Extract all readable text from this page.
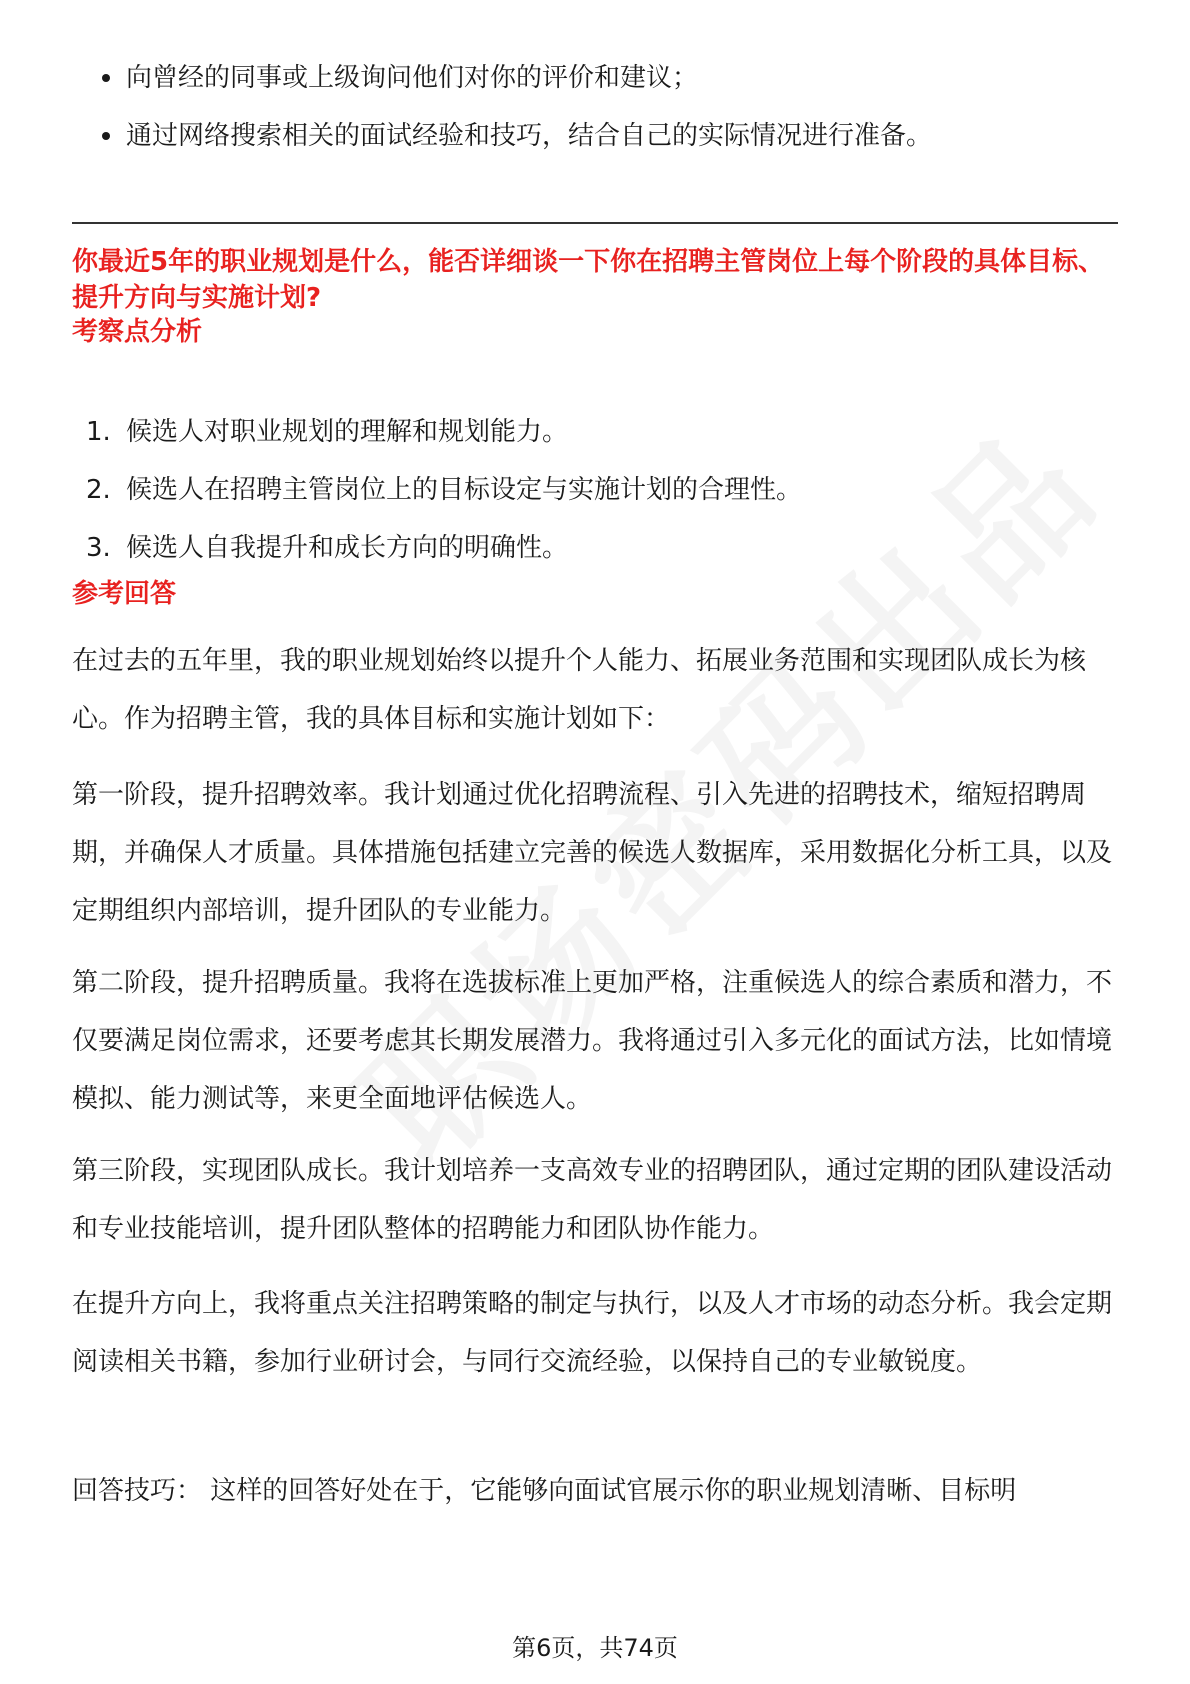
向曾经的同事或上级询问他们对你的评价和建议；
通过网络搜索相关的面试经验和技巧，结合自己的实际情况进行准备。

你最近5年的职业规划是什么，能否详细谈一下你在招聘主管岗位上每个阶段的具体目标、提升方向与实施计划?

考察点分析

1. 候选人对职业规划的理解和规划能力。
2. 候选人在招聘主管岗位上的目标设定与实施计划的合理性。
3. 候选人自我提升和成长方向的明确性。

参考回答

在过去的五年里，我的职业规划始终以提升个人能力、拓展业务范围和实现团队成长为核心。作为招聘主管，我的具体目标和实施计划如下：

第一阶段，提升招聘效率。我计划通过优化招聘流程、引入先进的招聘技术，缩短招聘周期，并确保人才质量。具体措施包括建立完善的候选人数据库，采用数据化分析工具，以及定期组织内部培训，提升团队的专业能力。

第二阶段，提升招聘质量。我将在选拔标准上更加严格，注重候选人的综合素质和潜力，不仅要满足岗位需求，还要考虑其长期发展潜力。我将通过引入多元化的面试方法，比如情境模拟、能力测试等，来更全面地评估候选人。

第三阶段，实现团队成长。我计划培养一支高效专业的招聘团队，通过定期的团队建设活动和专业技能培训，提升团队整体的招聘能力和团队协作能力。

在提升方向上，我将重点关注招聘策略的制定与执行，以及人才市场的动态分析。我会定期阅读相关书籍，参加行业研讨会，与同行交流经验，以保持自己的专业敏锐度。

回答技巧： 这样的回答好处在于，它能够向面试官展示你的职业规划清晰、目标明

第6页，共74页
